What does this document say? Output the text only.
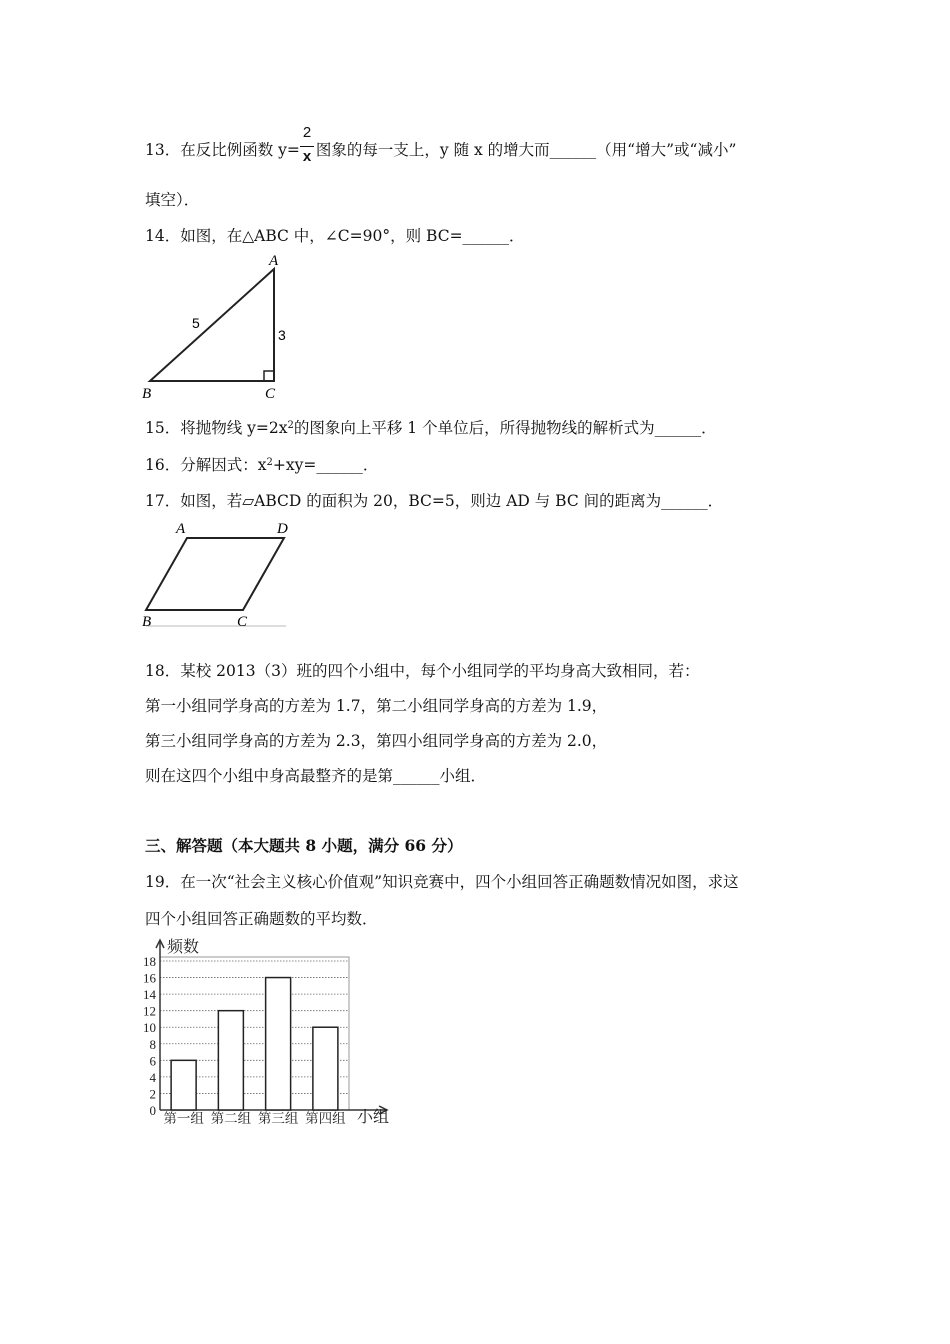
13．在反比例函数 y= 图象的每一支上，y 随 x 的增大而______（用“增大”或“减小”
2
x
填空）．
14．如图，在△ABC 中，∠C=90°，则 BC=______．
A
B	C
5
3
15．将抛物线 $y=2x^2$的图象向上平移 1 个单位后，所得抛物线的解析式为______．
16．分解因式：$x^2+xy=\_\_\_\_\_\_$．
17．如图，若▱ABCD 的面积为 20，BC=5，则边 AD 与 BC 间的距离为______．
A	D
B	C
18．某校 2013（3）班的四个小组中，每个小组同学的平均身高大致相同，若：
第一小组同学身高的方差为 1.7，第二小组同学身高的方差为 1.9，
第三小组同学身高的方差为 2.3，第四小组同学身高的方差为 2.0，
则在这四个小组中身高最整齐的是第______小组．
三、解答题（本大题共 8 小题，满分 66 分）
19．在一次“社会主义核心价值观”知识竞赛中，四个小组回答正确题数情况如图，求这
四个小组回答正确题数的平均数．
0
2
4
6
8
10
12
14
16
18
频数
小组
第一组 第二组 第三组 第四组
